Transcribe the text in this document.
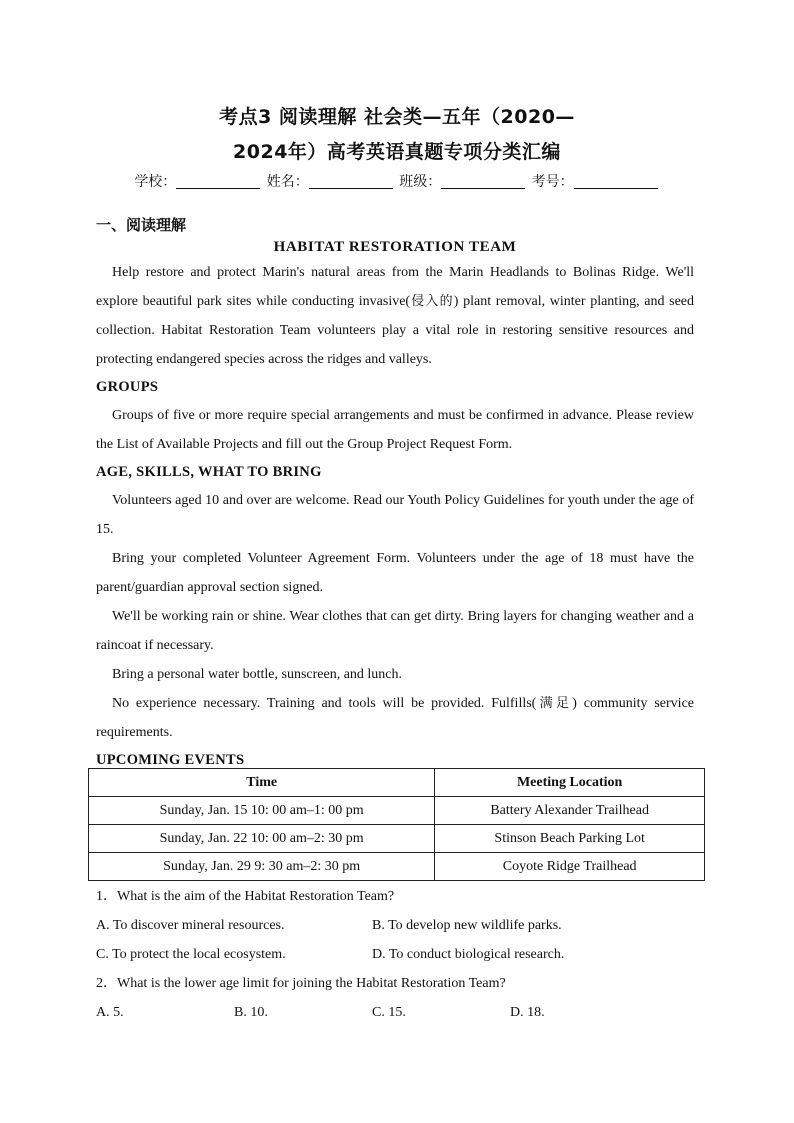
考点3 阅读理解 社会类—五年（2020—
2024年）高考英语真题专项分类汇编
学校：	姓名：	班级：	考号：
一、阅读理解
HABITAT RESTORATION TEAM

Help restore and protect Marin's natural areas from the Marin Headlands to Bolinas Ridge. We'll explore beautiful park sites while conducting invasive(侵入的) plant removal, winter planting, and seed collection. Habitat Restoration Team volunteers play a vital role in restoring sensitive resources and protecting endangered species across the ridges and valleys.

GROUPS

Groups of five or more require special arrangements and must be confirmed in advance. Please review the List of Available Projects and fill out the Group Project Request Form.

AGE, SKILLS, WHAT TO BRING

Volunteers aged 10 and over are welcome. Read our Youth Policy Guidelines for youth under the age of 15.

Bring your completed Volunteer Agreement Form. Volunteers under the age of 18 must have the parent/guardian approval section signed.

We'll be working rain or shine. Wear clothes that can get dirty. Bring layers for changing weather and a raincoat if necessary.

Bring a personal water bottle, sunscreen, and lunch.

No experience necessary. Training and tools will be provided. Fulfills(满足) community service requirements.

UPCOMING EVENTS
Time	Meeting Location
Sunday, Jan. 15 10: 00 am–1: 00 pm	Battery Alexander Trailhead
Sunday, Jan. 22 10: 00 am–2: 30 pm	Stinson Beach Parking Lot
Sunday, Jan. 29 9: 30 am–2: 30 pm	Coyote Ridge Trailhead
1．What is the aim of the Habitat Restoration Team?
A. To discover mineral resources.	B. To develop new wildlife parks.
C. To protect the local ecosystem.	D. To conduct biological research.
2．What is the lower age limit for joining the Habitat Restoration Team?
A. 5.	B. 10.	C. 15.	D. 18.
